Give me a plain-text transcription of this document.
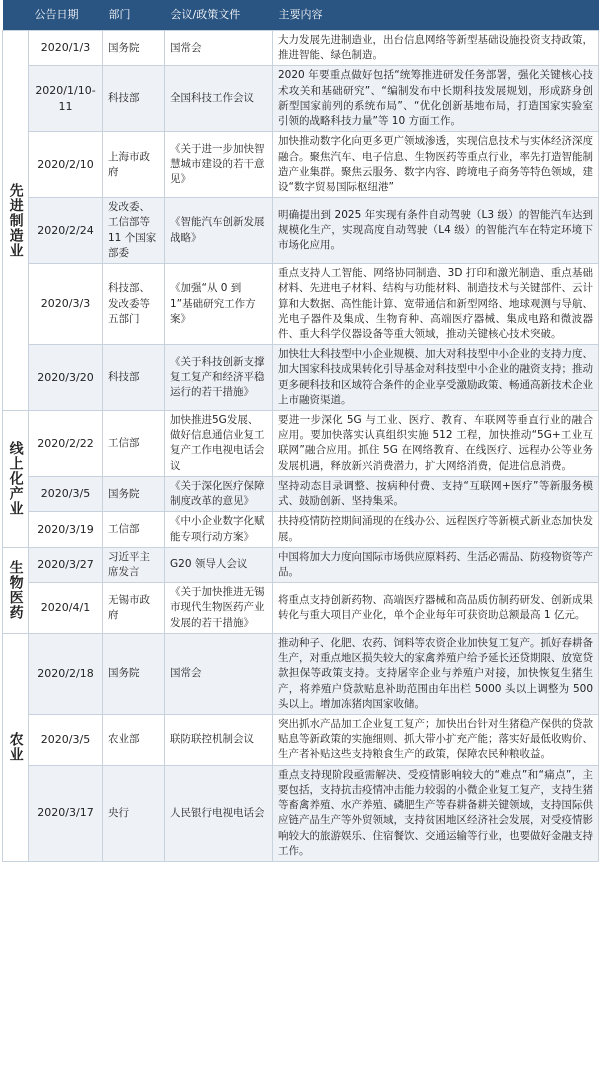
	公告日期	部门	会议/政策文件	主要内容
先进制造业	2020/1/3	国务院	国常会	大力发展先进制造业，出台信息网络等新型基础设施投资支持政策，推进智能、绿色制造。
	2020/1/10-11	科技部	全国科技工作会议	2020 年要重点做好包括“统筹推进研发任务部署，强化关键核心技术攻关和基础研究”、“编制发布中长期科技发展规划，形成跻身创新型国家前列的系统布局”、“优化创新基地布局，打造国家实验室引领的战略科技力量”等 10 方面工作。
	2020/2/10	上海市政府	《关于进一步加快智慧城市建设的若干意见》	加快推动数字化向更多更广领域渗透，实现信息技术与实体经济深度融合。聚焦汽车、电子信息、生物医药等重点行业，率先打造智能制造产业集群。聚焦云服务、数字内容、跨境电子商务等特色领域，建设“数字贸易国际枢纽港”
	2020/2/24	发改委、工信部等 11 个国家部委	《智能汽车创新发展战略》	明确提出到 2025 年实现有条件自动驾驶（L3 级）的智能汽车达到规模化生产，实现高度自动驾驶（L4 级）的智能汽车在特定环境下市场化应用。
	2020/3/3	科技部、发改委等五部门	《加强“从 0 到 1”基础研究工作方案》	重点支持人工智能、网络协同制造、3D 打印和激光制造、重点基础材料、先进电子材料、结构与功能材料、制造技术与关键部件、云计算和大数据、高性能计算、宽带通信和新型网络、地球观测与导航、光电子器件及集成、生物育种、高端医疗器械、集成电路和微波器件、重大科学仪器设备等重大领域，推动关键核心技术突破。
	2020/3/20	科技部	《关于科技创新支撑复工复产和经济平稳运行的若干措施》	加快壮大科技型中小企业规模、加大对科技型中小企业的支持力度、加大国家科技成果转化引导基金对科技型中小企业的融资支持；推动更多硬科技和区域符合条件的企业享受激励政策、畅通高新技术企业上市融资渠道。
线上化产业	2020/2/22	工信部	加快推进5G发展、做好信息通信业复工复产工作电视电话会议	要进一步深化 5G 与工业、医疗、教育、车联网等垂直行业的融合应用。要加快落实认真组织实施 512 工程，加快推动“5G+工业互联网”融合应用。抓住 5G 在网络教育、在线医疗、远程办公等业务发展机遇，释放新兴消费潜力，扩大网络消费，促进信息消费。
	2020/3/5	国务院	《关于深化医疗保障制度改革的意见》	坚持动态目录调整、按病种付费、支持“互联网+医疗”等新服务模式、鼓励创新、坚持集采。
	2020/3/19	工信部	《中小企业数字化赋能专项行动方案》	扶持疫情防控期间涌现的在线办公、远程医疗等新模式新业态加快发展。
生物医药	2020/3/27	习近平主席发言	G20 领导人会议	中国将加大力度向国际市场供应原料药、生活必需品、防疫物资等产品。
	2020/4/1	无锡市政府	《关于加快推进无锡市现代生物医药产业发展的若干措施》	将重点支持创新药物、高端医疗器械和高品质仿制药研发、创新成果转化与重大项目产业化，单个企业每年可获资助总额最高 1 亿元。
农业	2020/2/18	国务院	国常会	推动种子、化肥、农药、饲料等农资企业加快复工复产。抓好春耕备生产，对重点地区损失较大的家禽养殖户给予延长还贷期限、放宽贷款担保等政策支持。支持屠宰企业与养殖户对接，加快恢复生猪生产，将养殖户贷款贴息补助范围由年出栏 5000 头以上调整为 500 头以上。增加冻猪肉国家收储。
	2020/3/5	农业部	联防联控机制会议	突出抓水产品加工企业复工复产；加快出台针对生猪稳产保供的贷款贴息等新政策的实施细则、抓大带小扩充产能；落实好最低收购价、生产者补贴这些支持粮食生产的政策，保障农民种粮收益。
	2020/3/17	央行	人民银行电视电话会	重点支持现阶段亟需解决、受疫情影响较大的“难点”和“痛点”，主要包括，支持抗击疫情冲击能力较弱的小微企业复工复产，支持生猪等畜禽养殖、水产养殖、磷肥生产等春耕备耕关键领域，支持国际供应链产品生产等外贸领域，支持贫困地区经济社会发展，对受疫情影响较大的旅游娱乐、住宿餐饮、交通运输等行业，也要做好金融支持工作。
